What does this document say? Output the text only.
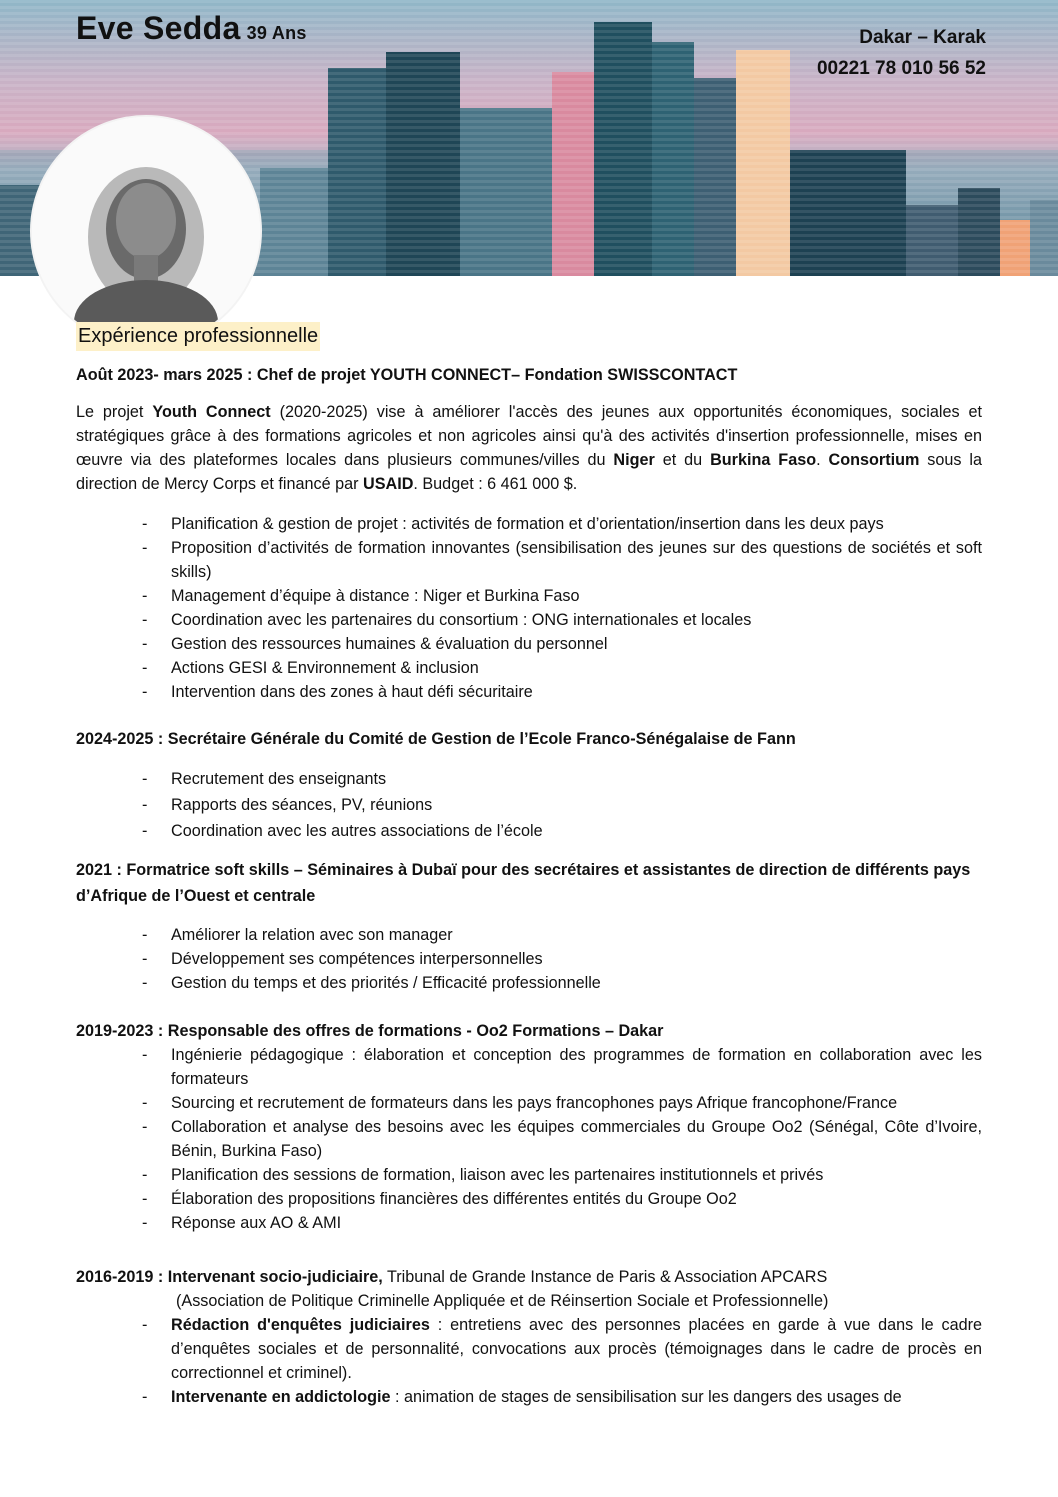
Eve Sedda 39 Ans	Dakar – Karak
00221 78 010 56 52
Expérience professionnelle

Août 2023- mars 2025 : Chef de projet YOUTH CONNECT– Fondation SWISSCONTACT

Le projet Youth Connect (2020-2025) vise à améliorer l'accès des jeunes aux opportunités économiques, sociales et stratégiques grâce à des formations agricoles et non agricoles ainsi qu'à des activités d'insertion professionnelle, mises en œuvre via des plateformes locales dans plusieurs communes/villes du Niger et du Burkina Faso. Consortium sous la direction de Mercy Corps et financé par USAID. Budget : 6 461 000 $.

- Planification & gestion de projet : activités de formation et d’orientation/insertion dans les deux pays
- Proposition d’activités de formation innovantes (sensibilisation des jeunes sur des questions de sociétés et soft skills)
- Management d’équipe à distance : Niger et Burkina Faso
- Coordination avec les partenaires du consortium : ONG internationales et locales
- Gestion des ressources humaines & évaluation du personnel
- Actions GESI & Environnement & inclusion
- Intervention dans des zones à haut défi sécuritaire

2024-2025 : Secrétaire Générale du Comité de Gestion de l’Ecole Franco-Sénégalaise de Fann

- Recrutement des enseignants
- Rapports des séances, PV, réunions
- Coordination avec les autres associations de l’école

2021 : Formatrice soft skills – Séminaires à Dubaï pour des secrétaires et assistantes de direction de différents pays d’Afrique de l’Ouest et centrale

- Améliorer la relation avec son manager
- Développement ses compétences interpersonnelles
- Gestion du temps et des priorités / Efficacité professionnelle

2019-2023 : Responsable des offres de formations - Oo2 Formations – Dakar

- Ingénierie pédagogique : élaboration et conception des programmes de formation en collaboration avec les formateurs
- Sourcing et recrutement de formateurs dans les pays francophones pays Afrique francophone/France
- Collaboration et analyse des besoins avec les équipes commerciales du Groupe Oo2 (Sénégal, Côte d’Ivoire, Bénin, Burkina Faso)
- Planification des sessions de formation, liaison avec les partenaires institutionnels et privés
- Élaboration des propositions financières des différentes entités du Groupe Oo2
- Réponse aux AO & AMI

2016-2019 : Intervenant socio-judiciaire, Tribunal de Grande Instance de Paris & Association APCARS

(Association de Politique Criminelle Appliquée et de Réinsertion Sociale et Professionnelle)

- Rédaction d'enquêtes judiciaires : entretiens avec des personnes placées en garde à vue dans le cadre d’enquêtes sociales et de personnalité, convocations aux procès (témoignages dans le cadre de procès en correctionnel et criminel).
- Intervenante en addictologie : animation de stages de sensibilisation sur les dangers des usages de
